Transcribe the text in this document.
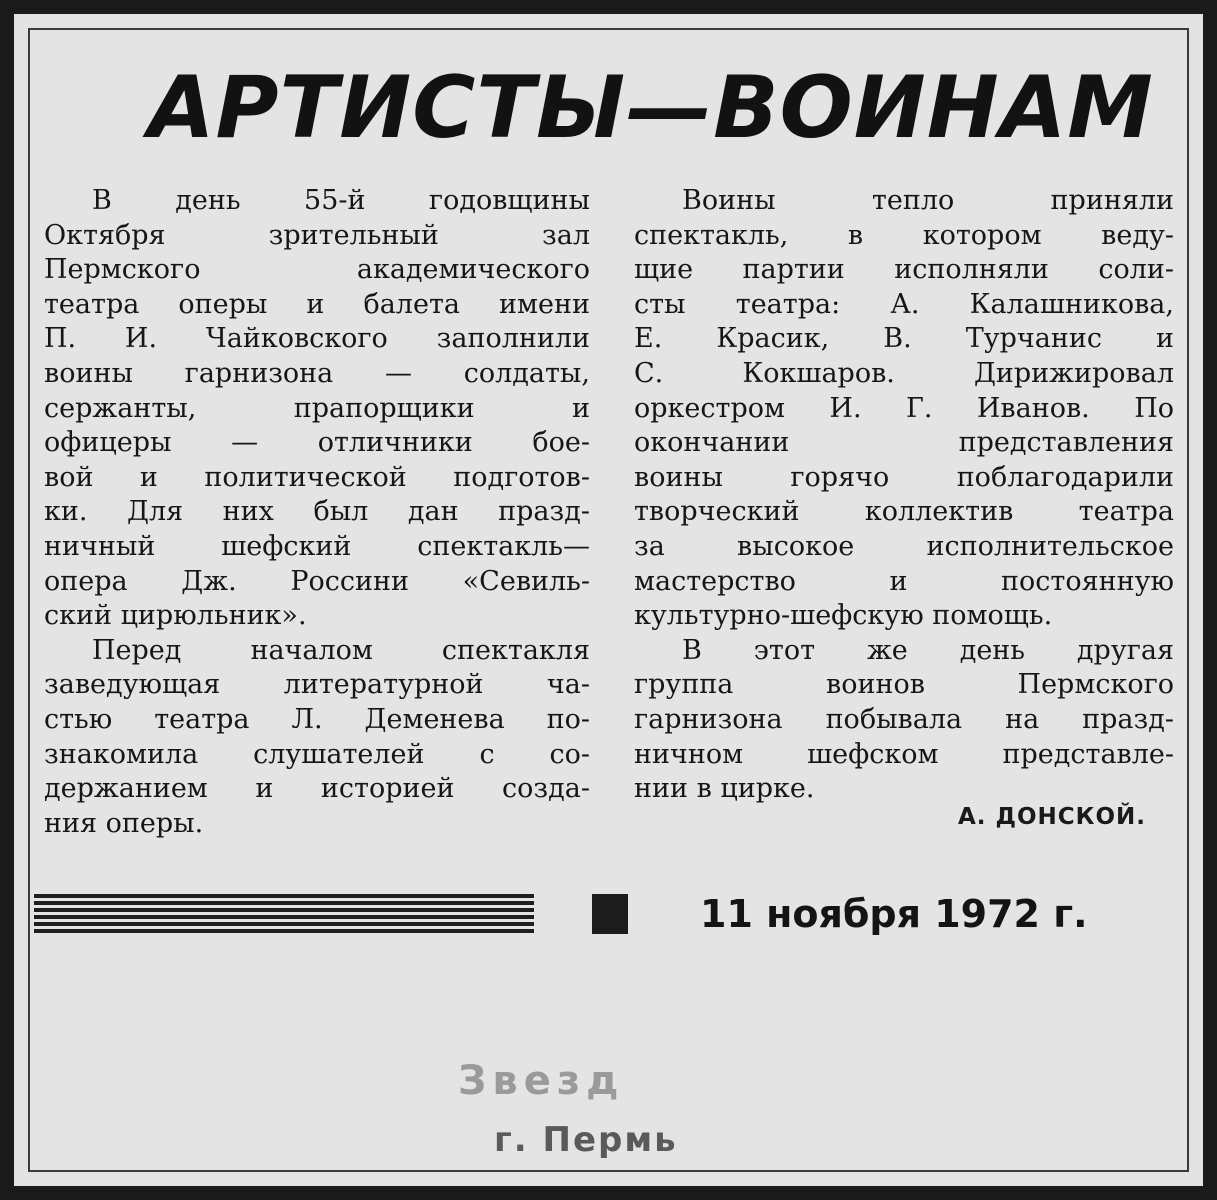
АРТИСТЫ—ВОИНАМ
В день 55-й годовщины
Октября зрительный зал
Пермского академического
театра оперы и балета имени
П. И. Чайковского заполнили
воины гарнизона — солдаты,
сержанты, прапорщики и
офицеры — отличники бое-
вой и политической подготов-
ки. Для них был дан празд-
ничный шефский спектакль—
опера Дж. Россини «Севиль-
ский цирюльник».
Перед началом спектакля
заведующая литературной ча-
стью театра Л. Деменева по-
знакомила слушателей с со-
держанием и историей созда-
ния оперы.
Воины тепло приняли
спектакль, в котором веду-
щие партии исполняли соли-
сты театра: А. Калашникова,
Е. Красик, В. Турчанис и
С. Кокшаров. Дирижировал
оркестром И. Г. Иванов. По
окончании представления
воины горячо поблагодарили
творческий коллектив театра
за высокое исполнительское
мастерство и постоянную
культурно-шефскую помощь.
В этот же день другая
группа воинов Пермского
гарнизона побывала на празд-
ничном шефском представле-
нии в цирке.
А. ДОНСКОЙ.
11 ноября 1972 г.
Звезд
г. Пермь
